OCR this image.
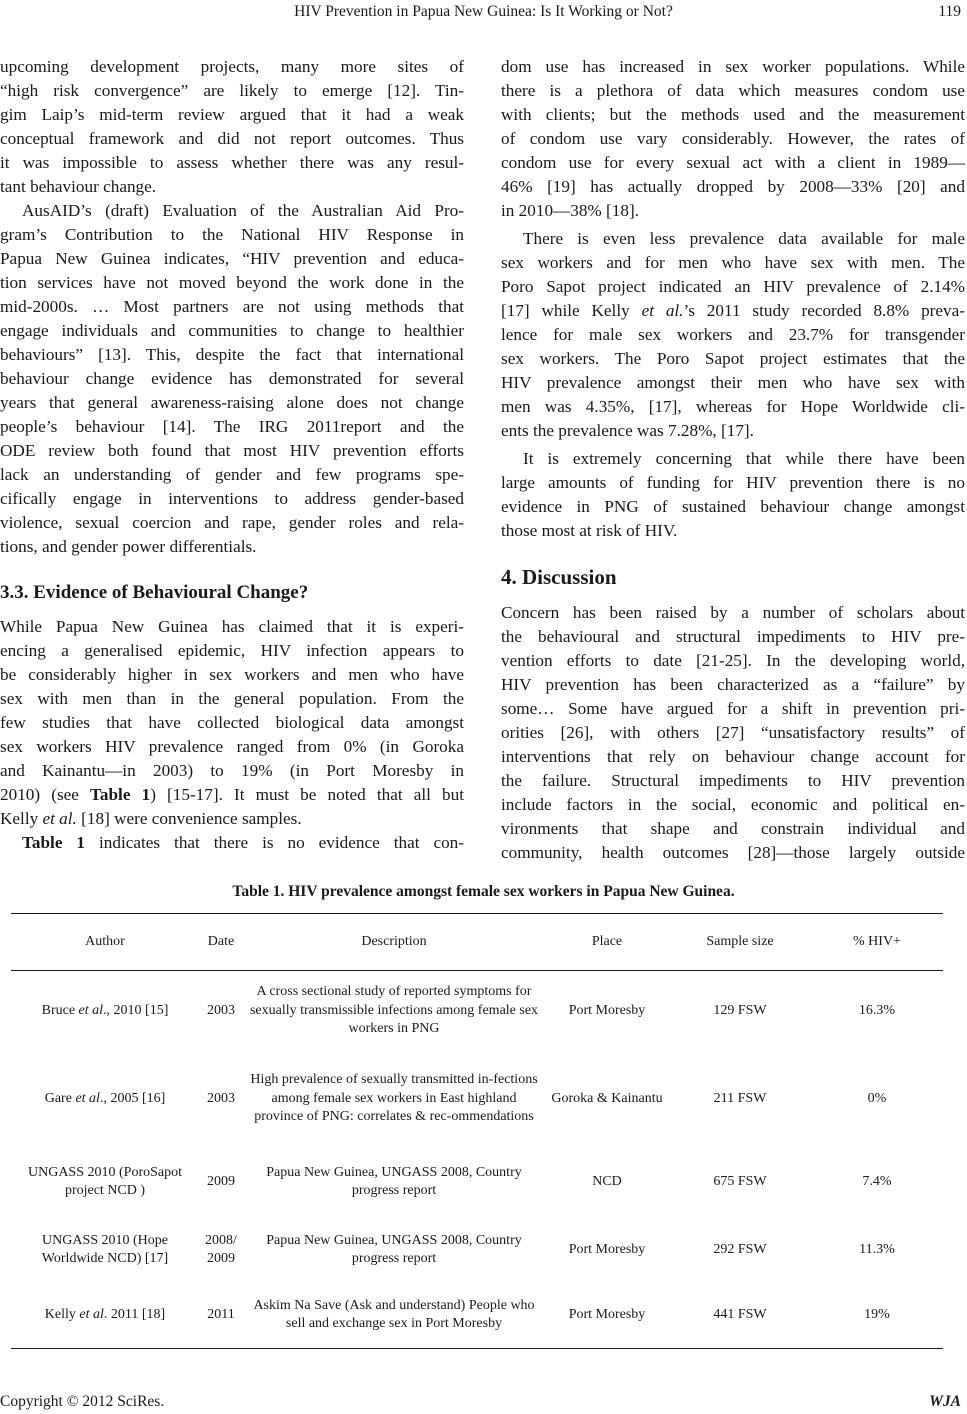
HIV Prevention in Papua New Guinea: Is It Working or Not?	119
upcoming development projects, many more sites of
“high risk convergence” are likely to emerge [12]. Tin-
gim Laip’s mid-term review argued that it had a weak
conceptual framework and did not report outcomes. Thus
it was impossible to assess whether there was any resul-
tant behaviour change.
AusAID’s (draft) Evaluation of the Australian Aid Pro-
gram’s Contribution to the National HIV Response in
Papua New Guinea indicates, “HIV prevention and educa-
tion services have not moved beyond the work done in the
mid-2000s. … Most partners are not using methods that
engage individuals and communities to change to healthier
behaviours” [13]. This, despite the fact that international
behaviour change evidence has demonstrated for several
years that general awareness-raising alone does not change
people’s behaviour [14]. The IRG 2011report and the
ODE review both found that most HIV prevention efforts
lack an understanding of gender and few programs spe-
cifically engage in interventions to address gender-based
violence, sexual coercion and rape, gender roles and rela-
tions, and gender power differentials.
3.3. Evidence of Behavioural Change?
While Papua New Guinea has claimed that it is experi-
encing a generalised epidemic, HIV infection appears to
be considerably higher in sex workers and men who have
sex with men than in the general population. From the
few studies that have collected biological data amongst
sex workers HIV prevalence ranged from 0% (in Goroka
and Kainantu—in 2003) to 19% (in Port Moresby in
2010) (see Table 1) [15-17]. It must be noted that all but
Kelly et al. [18] were convenience samples.
Table 1 indicates that there is no evidence that con-
dom use has increased in sex worker populations. While
there is a plethora of data which measures condom use
with clients; but the methods used and the measurement
of condom use vary considerably. However, the rates of
condom use for every sexual act with a client in 1989—
46% [19] has actually dropped by 2008—33% [20] and
in 2010—38% [18].
There is even less prevalence data available for male
sex workers and for men who have sex with men. The
Poro Sapot project indicated an HIV prevalence of 2.14%
[17] while Kelly et al.’s 2011 study recorded 8.8% preva-
lence for male sex workers and 23.7% for transgender
sex workers. The Poro Sapot project estimates that the
HIV prevalence amongst their men who have sex with
men was 4.35%, [17], whereas for Hope Worldwide cli-
ents the prevalence was 7.28%, [17].
It is extremely concerning that while there have been
large amounts of funding for HIV prevention there is no
evidence in PNG of sustained behaviour change amongst
those most at risk of HIV.
4. Discussion
Concern has been raised by a number of scholars about
the behavioural and structural impediments to HIV pre-
vention efforts to date [21-25]. In the developing world,
HIV prevention has been characterized as a “failure” by
some… Some have argued for a shift in prevention pri-
orities [26], with others [27] “unsatisfactory results” of
interventions that rely on behaviour change account for
the failure. Structural impediments to HIV prevention
include factors in the social, economic and political en-
vironments that shape and constrain individual and
community, health outcomes [28]—those largely outside
Table 1. HIV prevalence amongst female sex workers in Papua New Guinea.
Author	Date	Description	Place	Sample size	% HIV+
Bruce et al., 2010 [15]	2003	A cross sectional study of reported symptoms for sexually transmissible infections among female sex workers in PNG	Port Moresby	129 FSW	16.3%
Gare et al., 2005 [16]	2003	High prevalence of sexually transmitted in-fections among female sex workers in East highland province of PNG: correlates & rec-ommendations	Goroka & Kainantu	211 FSW	0%
UNGASS 2010 (PoroSapot project NCD )	2009	Papua New Guinea, UNGASS 2008, Country progress report	NCD	675 FSW	7.4%
UNGASS 2010 (Hope Worldwide NCD) [17]	2008/ 2009	Papua New Guinea, UNGASS 2008, Country progress report	Port Moresby	292 FSW	11.3%
Kelly et al. 2011 [18]	2011	Askim Na Save (Ask and understand) People who sell and exchange sex in Port Moresby	Port Moresby	441 FSW	19%
Copyright © 2012 SciRes.	WJA
